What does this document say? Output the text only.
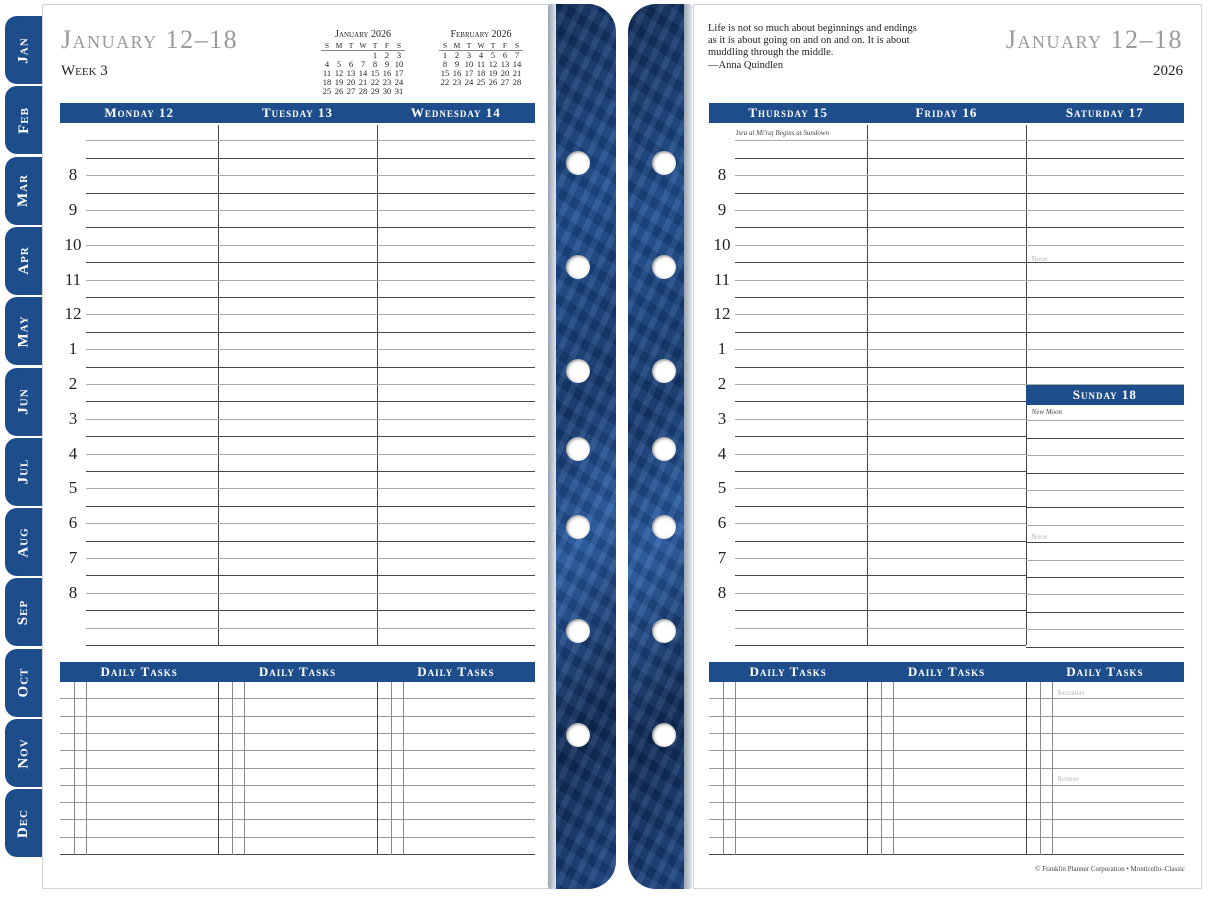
Jan
Feb
Mar
Apr
May
Jun
Jul
Aug
Sep
Oct
Nov
Dec
January 12–18
Week 3
January 2026
S	M	T	W	T	F	S
				1	2	3
4	5	6	7	8	9	10
11	12	13	14	15	16	17
18	19	20	21	22	23	24
25	26	27	28	29	30	31
February 2026
S	M	T	W	T	F	S

1	2	3	4	5	6	7
8	9	10	11	12	13	14
15	16	17	18	19	20	21
22	23	24	25	26	27	28
Monday 12	Tuesday 13	Wednesday 14
8
9
10
11
12
1
2
3
4
5
6
7
8
Daily Tasks	Daily Tasks	Daily Tasks
Life is not so much about beginnings and endings as it is about going on and on and on. It is about muddling through the middle.
—Anna Quindlen
January 12–18
2026
Thursday 15	Friday 16	Saturday 17
8
9
10
11
12
1
2
3
4
5
6
7
8
Daily Tasks	Daily Tasks	Daily Tasks
Sunday 18
Isra al Mi'raj Begins at Sundown
New Moon
Noon
Noon
Saturday
Sunday
© Franklin Planner Corporation • Monticello–Classic
